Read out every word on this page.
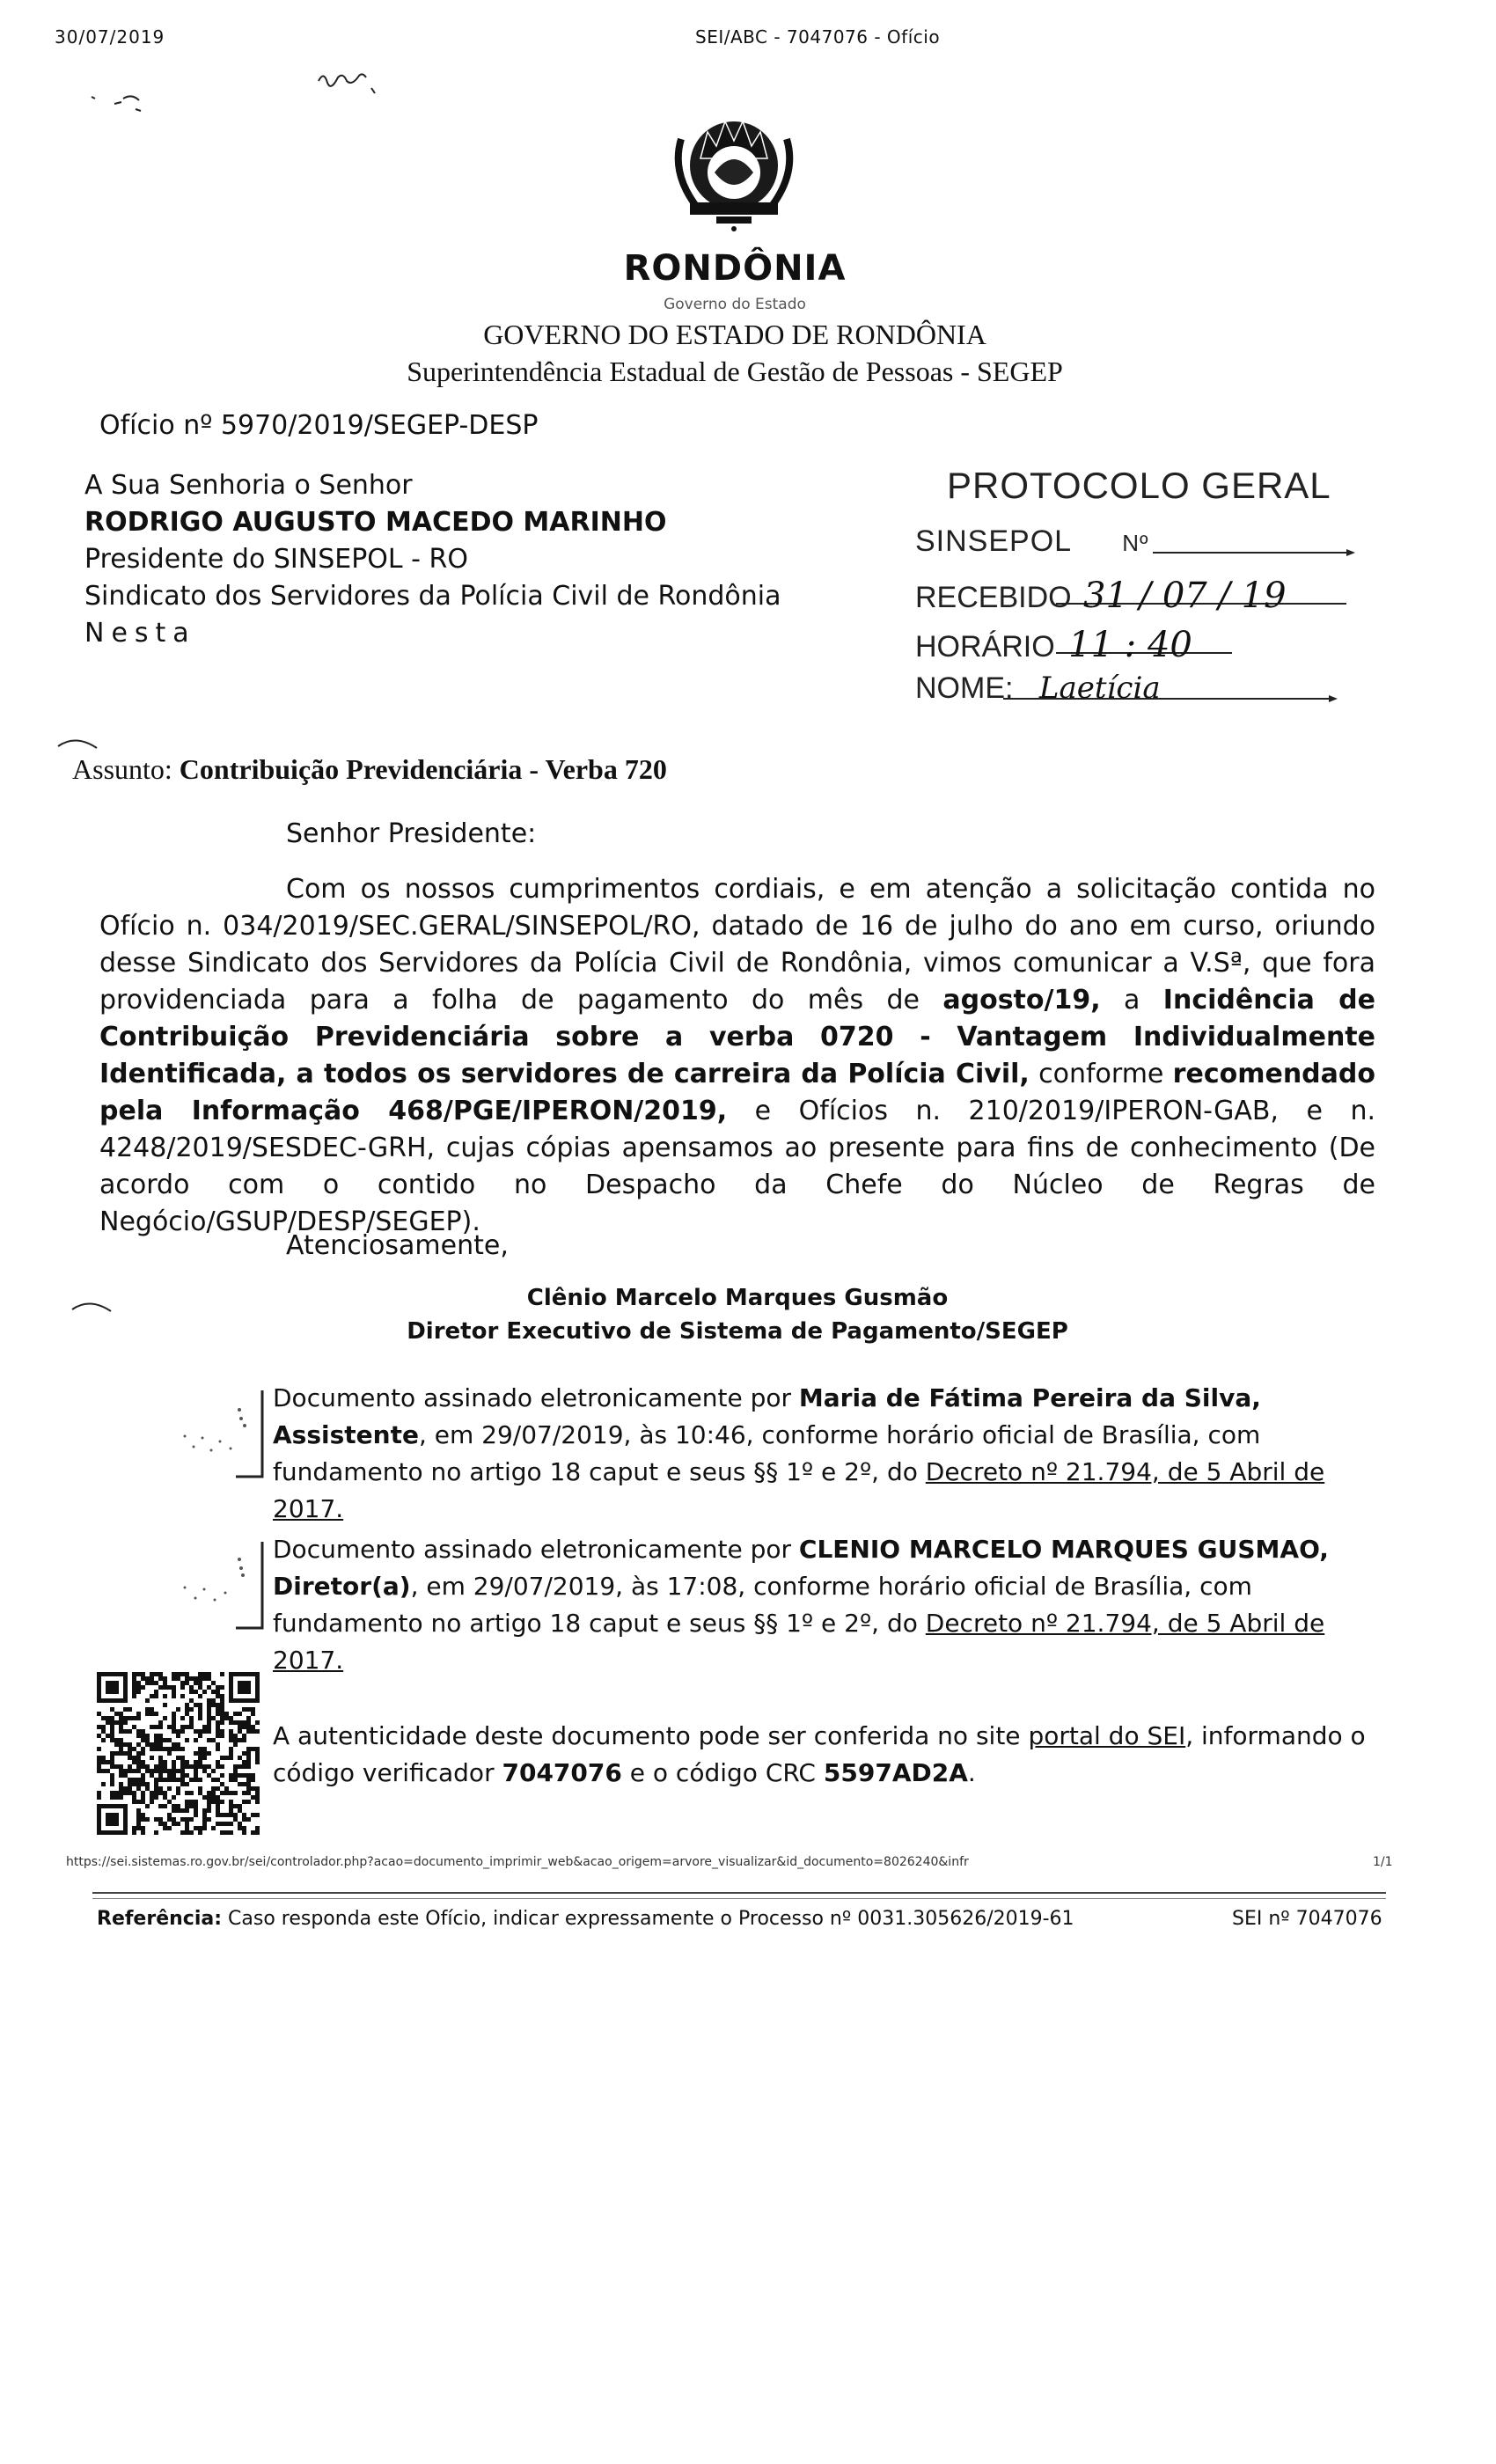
30/07/2019	SEI/ABC - 7047076 - Ofício
RONDÔNIA
Governo do Estado
GOVERNO DO ESTADO DE RONDÔNIA
Superintendência Estadual de Gestão de Pessoas - SEGEP
Ofício nº 5970/2019/SEGEP-DESP
A Sua Senhoria o Senhor
RODRIGO AUGUSTO MACEDO MARINHO
Presidente do SINSEPOL - RO
Sindicato dos Servidores da Polícia Civil de Rondônia
Nesta
PROTOCOLO GERAL
SINSEPOL Nº
RECEBIDO 31 / 07 / 19
HORÁRIO 11 : 40
NOME: Laetícia
Assunto: Contribuição Previdenciária - Verba 720
Senhor Presidente:
Com os nossos cumprimentos cordiais, e em atenção a solicitação contida no Ofício n. 034/2019/SEC.GERAL/SINSEPOL/RO, datado de 16 de julho do ano em curso, oriundo desse Sindicato dos Servidores da Polícia Civil de Rondônia, vimos comunicar a V.Sª, que fora providenciada para a folha de pagamento do mês de agosto/19, a Incidência de Contribuição Previdenciária sobre a verba 0720 - Vantagem Individualmente Identificada, a todos os servidores de carreira da Polícia Civil, conforme recomendado pela Informação 468/PGE/IPERON/2019, e Ofícios n. 210/2019/IPERON-GAB, e n. 4248/2019/SESDEC-GRH, cujas cópias apensamos ao presente para fins de conhecimento (De acordo com o contido no Despacho da Chefe do Núcleo de Regras de Negócio/GSUP/DESP/SEGEP).
Atenciosamente,
Clênio Marcelo Marques Gusmão
Diretor Executivo de Sistema de Pagamento/SEGEP
Documento assinado eletronicamente por Maria de Fátima Pereira da Silva, Assistente, em 29/07/2019, às 10:46, conforme horário oficial de Brasília, com fundamento no artigo 18 caput e seus §§ 1º e 2º, do Decreto nº 21.794, de 5 Abril de 2017.
Documento assinado eletronicamente por CLENIO MARCELO MARQUES GUSMAO, Diretor(a), em 29/07/2019, às 17:08, conforme horário oficial de Brasília, com fundamento no artigo 18 caput e seus §§ 1º e 2º, do Decreto nº 21.794, de 5 Abril de 2017.
A autenticidade deste documento pode ser conferida no site portal do SEI, informando o código verificador 7047076 e o código CRC 5597AD2A.
Referência: Caso responda este Ofício, indicar expressamente o Processo nº 0031.305626/2019-61	SEI nº 7047076
https://sei.sistemas.ro.gov.br/sei/controlador.php?acao=documento_imprimir_web&acao_origem=arvore_visualizar&id_documento=8026240&infr	1/1
